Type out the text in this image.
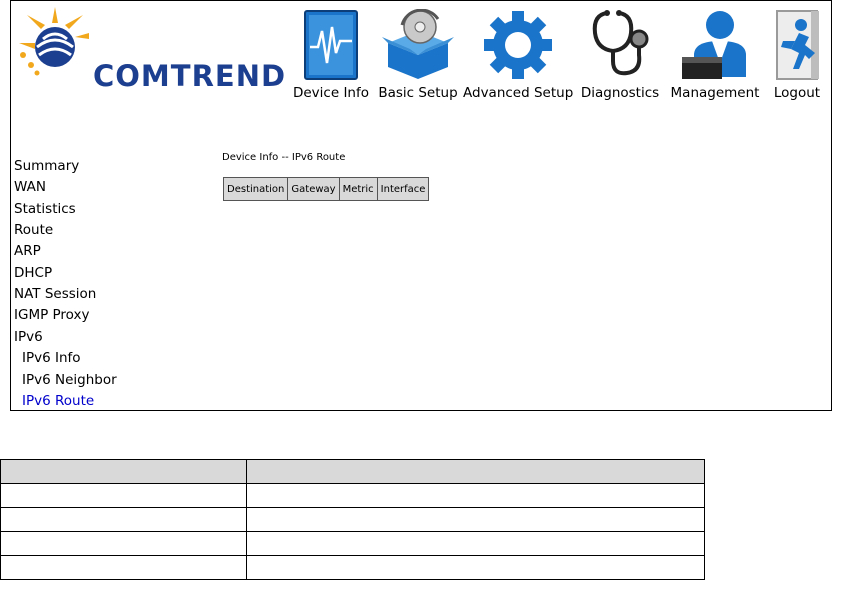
COMTREND Device Info Basic Setup Advanced Setup Diagnostics Management	Logout
Summary
WAN
Statistics
Route
ARP
DHCP
NAT Session
IGMP Proxy
IPv6
IPv6 Info
IPv6 Neighbor
IPv6 Route
Device Info -- IPv6 Route
Destination	Gateway	Metric	Interface
